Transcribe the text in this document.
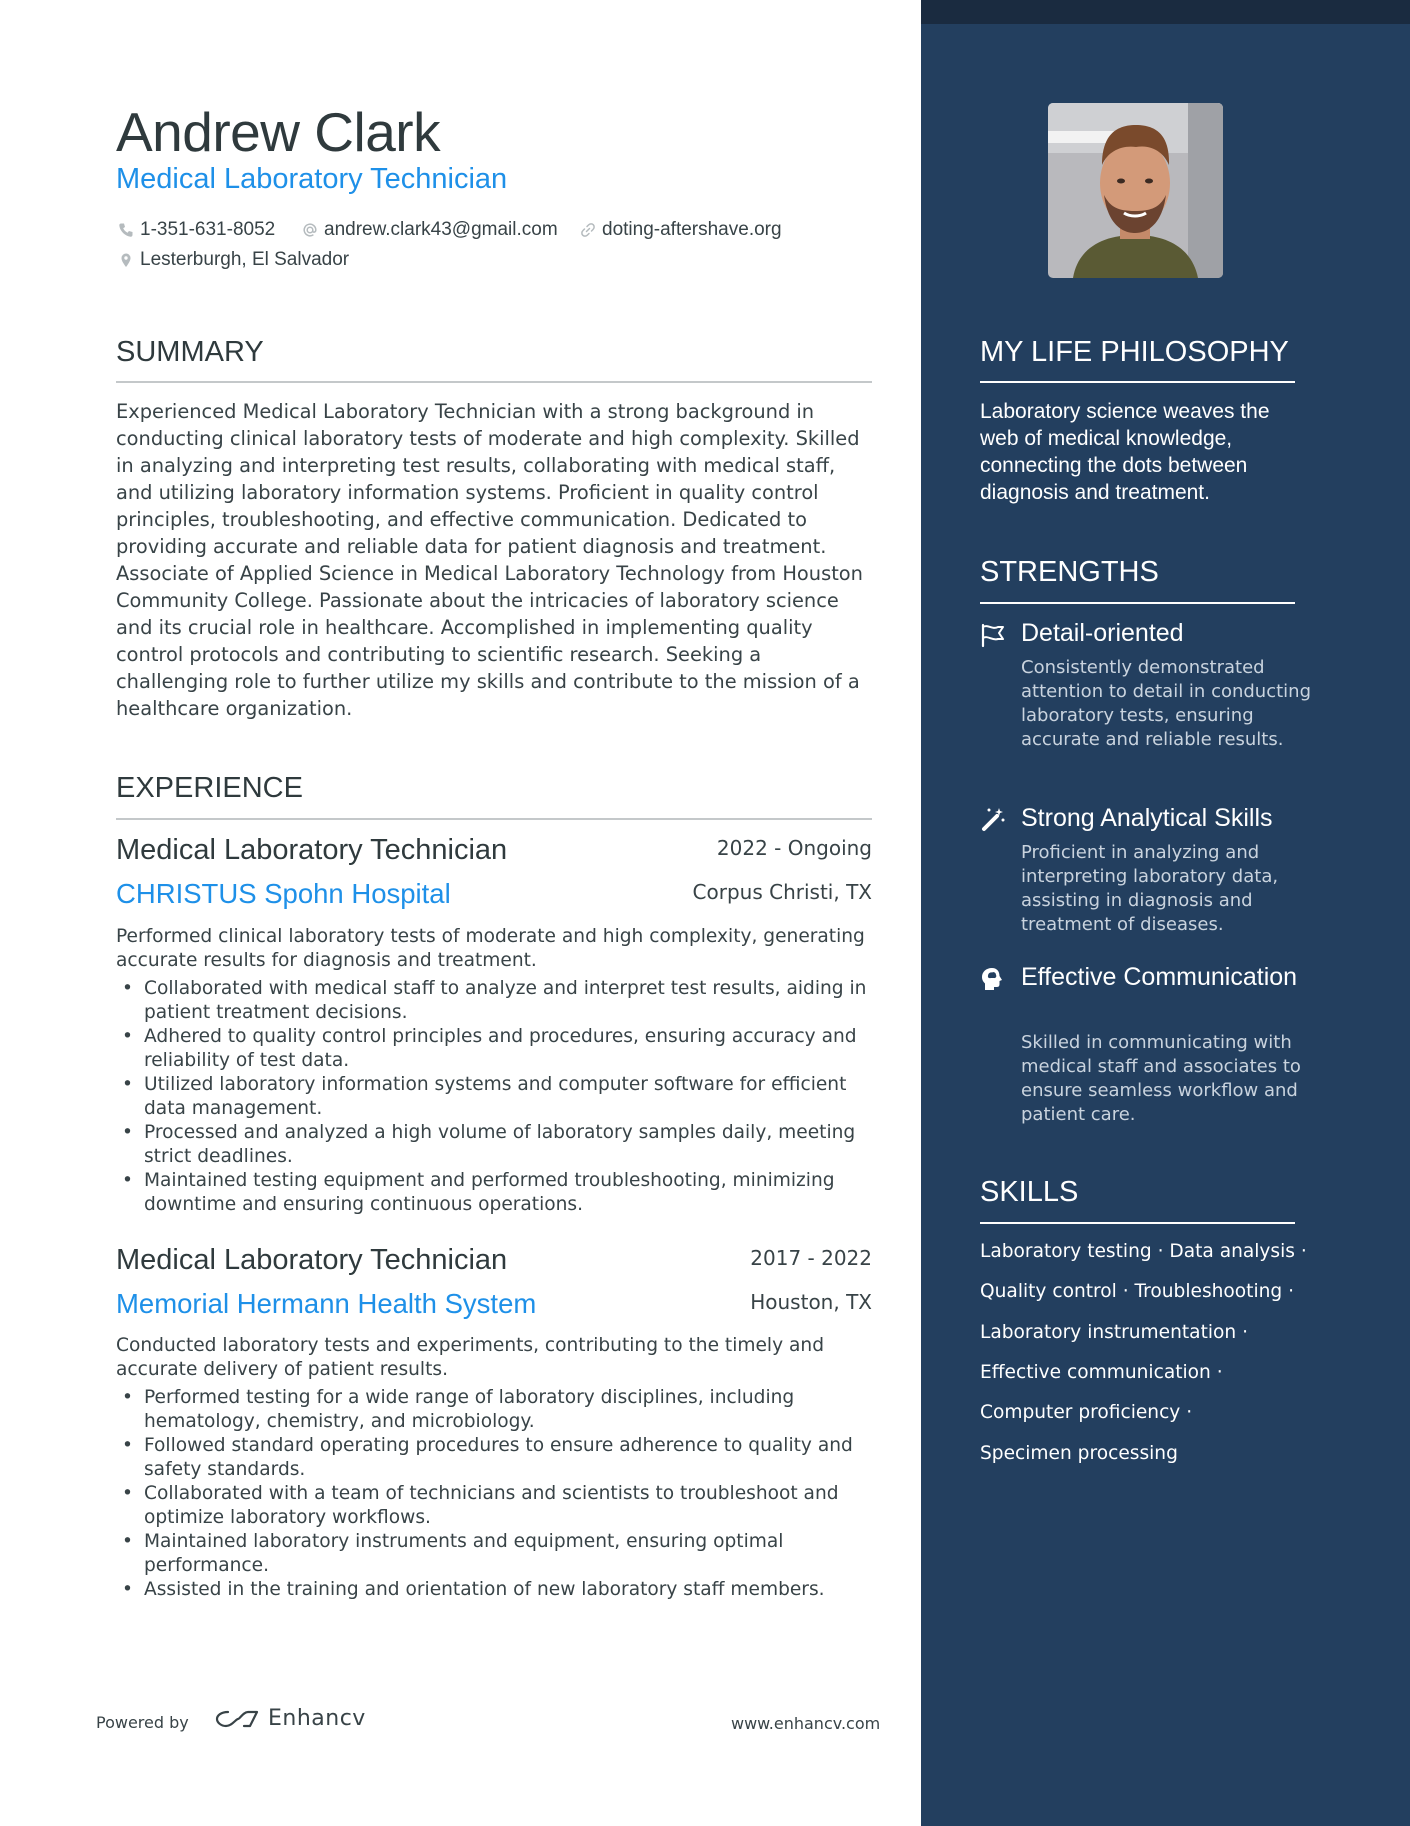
Andrew Clark
Medical Laboratory Technician
1-351-631-8052	andrew.clark43@gmail.com doting-aftershave.org
Lesterburgh, El Salvador
SUMMARY

Experienced Medical Laboratory Technician with a strong background in conducting clinical laboratory tests of moderate and high complexity. Skilled in analyzing and interpreting test results, collaborating with medical staff, and utilizing laboratory information systems. Proficient in quality control principles, troubleshooting, and effective communication. Dedicated to providing accurate and reliable data for patient diagnosis and treatment. Associate of Applied Science in Medical Laboratory Technology from Houston Community College. Passionate about the intricacies of laboratory science and its crucial role in healthcare. Accomplished in implementing quality control protocols and contributing to scientific research. Seeking a challenging role to further utilize my skills and contribute to the mission of a healthcare organization.

EXPERIENCE
Medical Laboratory Technician	2022 - Ongoing
CHRISTUS Spohn Hospital	Corpus Christi, TX

Performed clinical laboratory tests of moderate and high complexity, generating accurate results for diagnosis and treatment.

• Collaborated with medical staff to analyze and interpret test results, aiding in patient treatment decisions.
• Adhered to quality control principles and procedures, ensuring accuracy and reliability of test data.
• Utilized laboratory information systems and computer software for efficient data management.
• Processed and analyzed a high volume of laboratory samples daily, meeting strict deadlines.
• Maintained testing equipment and performed troubleshooting, minimizing downtime and ensuring continuous operations.
Medical Laboratory Technician	2017 - 2022
Memorial Hermann Health System	Houston, TX

Conducted laboratory tests and experiments, contributing to the timely and accurate delivery of patient results.

• Performed testing for a wide range of laboratory disciplines, including hematology, chemistry, and microbiology.
• Followed standard operating procedures to ensure adherence to quality and safety standards.
• Collaborated with a team of technicians and scientists to troubleshoot and optimize laboratory workflows.
• Maintained laboratory instruments and equipment, ensuring optimal performance.
• Assisted in the training and orientation of new laboratory staff members.
Powered by	Enhancv	www.enhancv.com
MY LIFE PHILOSOPHY

Laboratory science weaves the web of medical knowledge, connecting the dots between diagnosis and treatment.

STRENGTHS
Detail-oriented

Consistently demonstrated attention to detail in conducting laboratory tests, ensuring accurate and reliable results.

Strong Analytical Skills

Proficient in analyzing and interpreting laboratory data, assisting in diagnosis and treatment of diseases.

Effective Communication

Skilled in communicating with medical staff and associates to ensure seamless workflow and patient care.

SKILLS
Laboratory testing · Data analysis ·
Quality control · Troubleshooting ·
Laboratory instrumentation ·
Effective communication ·
Computer proficiency ·
Specimen processing
